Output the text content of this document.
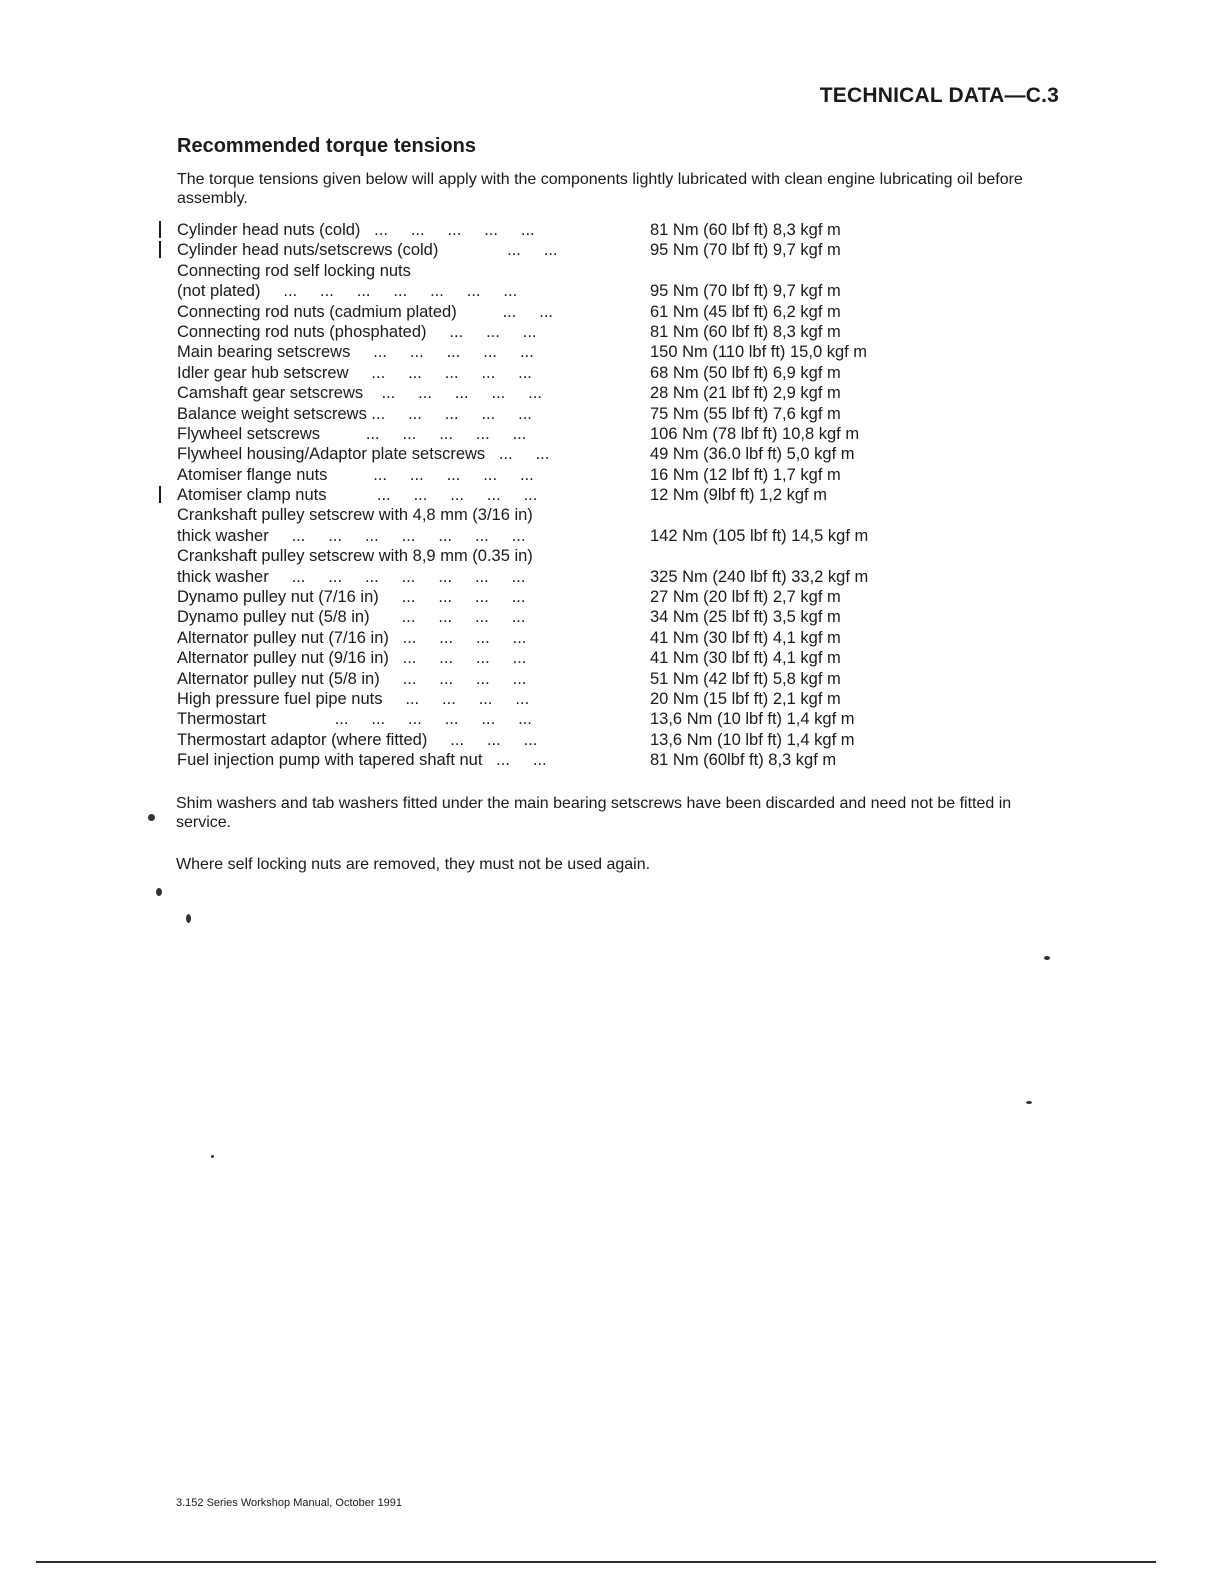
TECHNICAL DATA—C.3
Recommended torque tensions
The torque tensions given below will apply with the components lightly lubricated with clean engine lubricating oil before assembly.
Cylinder head nuts (cold)   ...     ...     ...     ...     ...	81 Nm (60 lbf ft) 8,3 kgf m
Cylinder head nuts/setscrews (cold)               ...     ...	95 Nm (70 lbf ft) 9,7 kgf m
Connecting rod self locking nuts
(not plated)     ...     ...     ...     ...     ...     ...     ...	95 Nm (70 lbf ft) 9,7 kgf m
Connecting rod nuts (cadmium plated)          ...     ...	61 Nm (45 lbf ft) 6,2 kgf m
Connecting rod nuts (phosphated)     ...     ...     ...	81 Nm (60 lbf ft) 8,3 kgf m
Main bearing setscrews     ...     ...     ...     ...     ...	150 Nm (110 lbf ft) 15,0 kgf m
Idler gear hub setscrew     ...     ...     ...     ...     ...	68 Nm (50 lbf ft) 6,9 kgf m
Camshaft gear setscrews    ...     ...     ...     ...     ...	28 Nm (21 lbf ft) 2,9 kgf m
Balance weight setscrews ...     ...     ...     ...     ...	75 Nm (55 lbf ft) 7,6 kgf m
Flywheel setscrews          ...     ...     ...     ...     ...	106 Nm (78 lbf ft) 10,8 kgf m
Flywheel housing/Adaptor plate setscrews   ...     ...	49 Nm (36.0 lbf ft) 5,0 kgf m
Atomiser flange nuts          ...     ...     ...     ...     ...	16 Nm (12 lbf ft) 1,7 kgf m
Atomiser clamp nuts           ...     ...     ...     ...     ...	12 Nm (9lbf ft) 1,2 kgf m
Crankshaft pulley setscrew with 4,8 mm (3/16 in)
thick washer     ...     ...     ...     ...     ...     ...     ...	142 Nm (105 lbf ft) 14,5 kgf m
Crankshaft pulley setscrew with 8,9 mm (0.35 in)
thick washer     ...     ...     ...     ...     ...     ...     ...	325 Nm (240 lbf ft) 33,2 kgf m
Dynamo pulley nut (7/16 in)     ...     ...     ...     ...	27 Nm (20 lbf ft) 2,7 kgf m
Dynamo pulley nut (5/8 in)       ...     ...     ...     ...	34 Nm (25 lbf ft) 3,5 kgf m
Alternator pulley nut (7/16 in)   ...     ...     ...     ...	41 Nm (30 lbf ft) 4,1 kgf m
Alternator pulley nut (9/16 in)   ...     ...     ...     ...	41 Nm (30 lbf ft) 4,1 kgf m
Alternator pulley nut (5/8 in)     ...     ...     ...     ...	51 Nm (42 lbf ft) 5,8 kgf m
High pressure fuel pipe nuts     ...     ...     ...     ...	20 Nm (15 lbf ft) 2,1 kgf m
Thermostart               ...     ...     ...     ...     ...     ...	13,6 Nm (10 lbf ft) 1,4 kgf m
Thermostart adaptor (where fitted)     ...     ...     ...	13,6 Nm (10 lbf ft) 1,4 kgf m
Fuel injection pump with tapered shaft nut   ...     ...	81 Nm (60lbf ft) 8,3 kgf m
Shim washers and tab washers fitted under the main bearing setscrews have been discarded and need not be fitted in service.
Where self locking nuts are removed, they must not be used again.
3.152 Series Workshop Manual, October 1991
